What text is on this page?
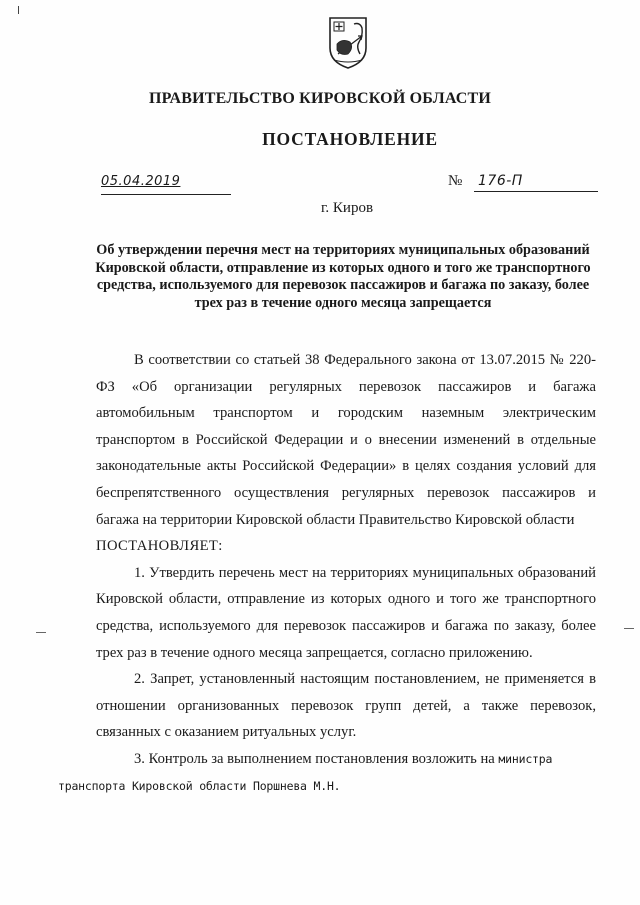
ПРАВИТЕЛЬСТВО КИРОВСКОЙ ОБЛАСТИ
ПОСТАНОВЛЕНИЕ
05.04.2019	№ 176-П
г. Киров
Об утверждении перечня мест на территориях муниципальных образований Кировской области, отправление из которых одного и того же транспортного средства, используемого для перевозок пассажиров и багажа по заказу, более трех раз в течение одного месяца запрещается

В соответствии со статьей 38 Федерального закона от 13.07.2015 № 220-ФЗ «Об организации регулярных перевозок пассажиров и багажа автомобильным транспортом и городским наземным электрическим транспортом в Российской Федерации и о внесении изменений в отдельные законодательные акты Российской Федерации» в целях создания условий для беспрепятственного осуществления регулярных перевозок пассажиров и багажа на территории Кировской области Правительство Кировской области

ПОСТАНОВЛЯЕТ:

1. Утвердить перечень мест на территориях муниципальных образований Кировской области, отправление из которых одного и того же транспортного средства, используемого для перевозок пассажиров и багажа по заказу, более трех раз в течение одного месяца запрещается, согласно приложению.

2. Запрет, установленный настоящим постановлением, не применяется в отношении организованных перевозок групп детей, а также перевозок, связанных с оказанием ритуальных услуг.

3. Контроль за выполнением постановления возложить на министра
транспорта Кировской области Поршнева М.Н.
